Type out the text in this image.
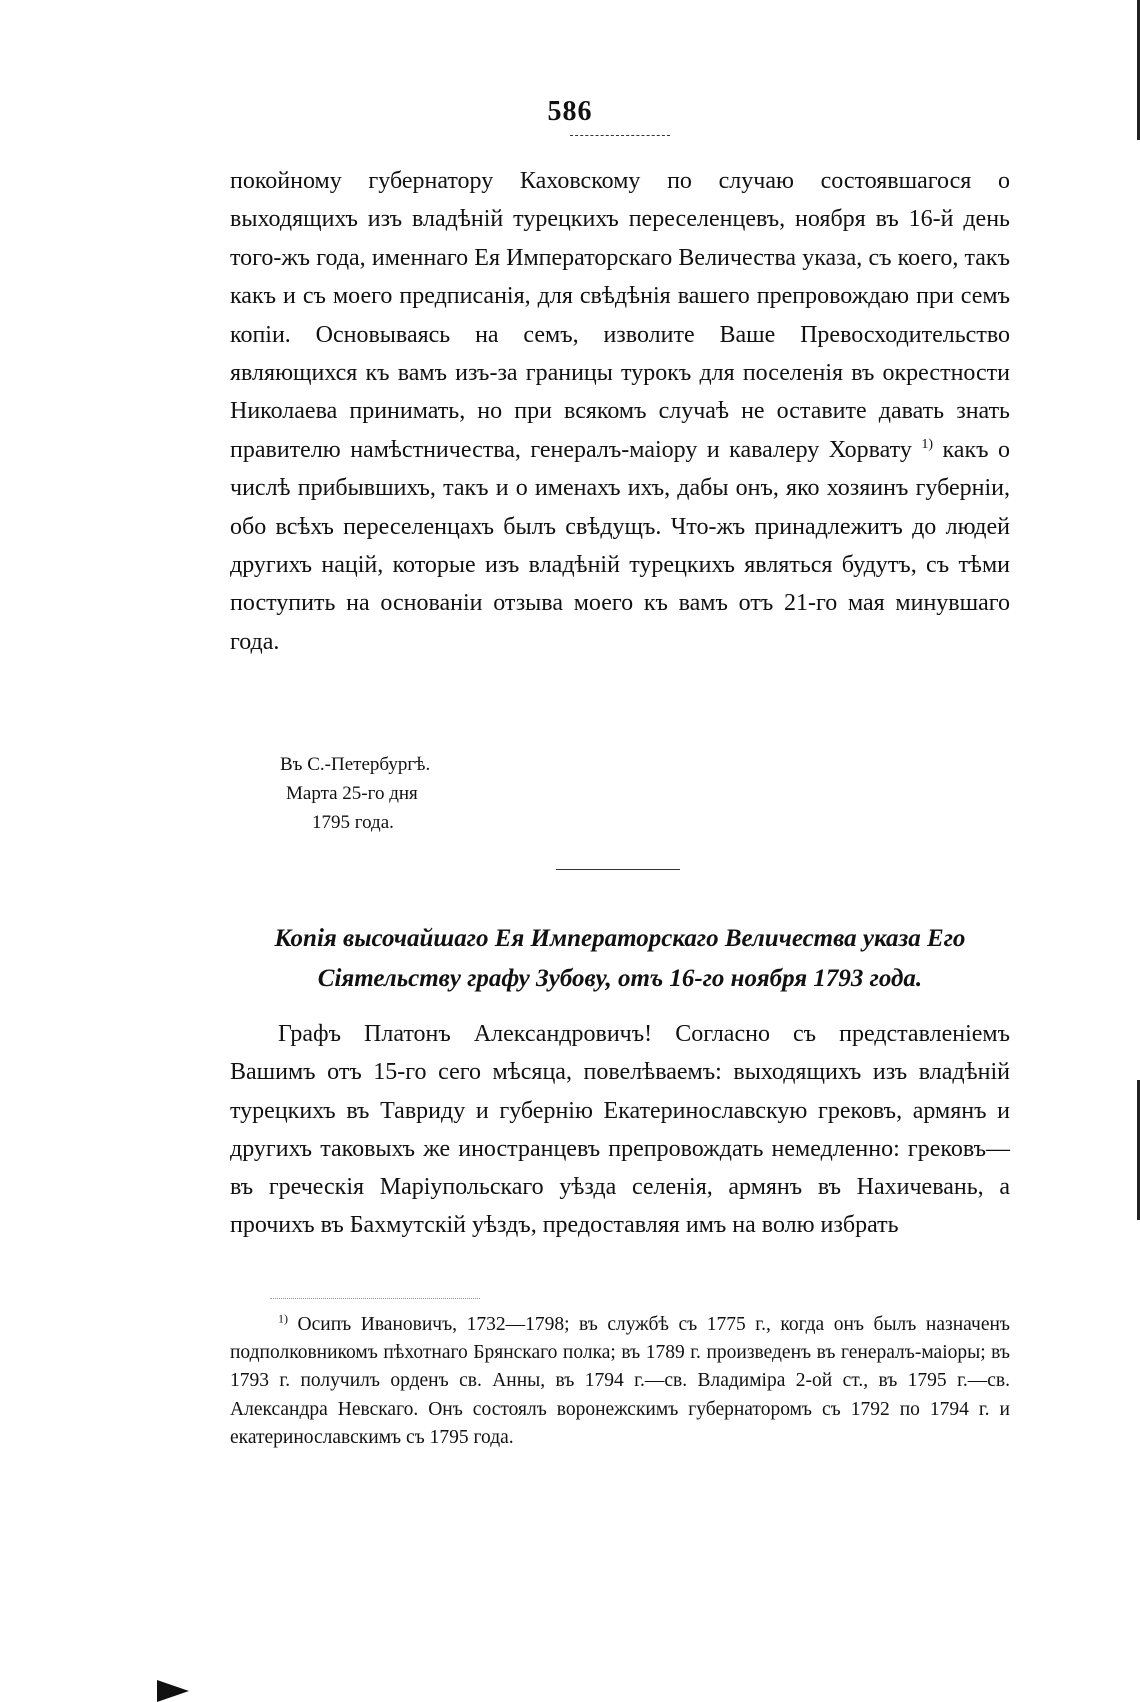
586
покойному губернатору Каховскому по случаю состоявшагося о выходящихъ изъ владѣній турецкихъ переселенцевъ, ноября въ 16-й день того-жъ года, именнаго Ея Императорскаго Величества указа, съ коего, такъ какъ и съ моего предписанія, для свѣдѣнія вашего препровождаю при семъ копіи. Основываясь на семъ, изволите Ваше Превосходительство являющихся къ вамъ изъ-за границы турокъ для поселенія въ окрестности Николаева принимать, но при всякомъ случаѣ не оставите давать знать правителю намѣстничества, генералъ-маіору и кавалеру Хорвату $^{1)}$ какъ о числѣ прибывшихъ, такъ и о именахъ ихъ, дабы онъ, яко хозяинъ губерніи, обо всѣхъ переселенцахъ былъ свѣдущъ. Что-жъ принадлежитъ до людей другихъ націй, которые изъ владѣній турецкихъ являться будутъ, съ тѣми поступить на основаніи отзыва моего къ вамъ отъ 21-го мая минувшаго года.
Въ С.-Петербургѣ.
Марта 25-го дня
1795 года.
Копія высочайшаго Ея Императорскаго Величества указа Его Сіятельству графу Зубову, отъ 16-го ноября 1793 года.
Графъ Платонъ Александровичъ! Согласно съ представленіемъ Вашимъ отъ 15-го сего мѣсяца, повелѣваемъ: выходящихъ изъ владѣній турецкихъ въ Тавриду и губернію Екатеринославскую грековъ, армянъ и другихъ таковыхъ же иностранцевъ препровождать немедленно: грековъ—въ греческія Маріупольскаго уѣзда селенія, армянъ въ Нахичевань, а прочихъ въ Бахмутскій уѣздъ, предоставляя имъ на волю избрать
$^{1)}$ Осипъ Ивановичъ, 1732—1798; въ службѣ съ 1775 г., когда онъ былъ назначенъ подполковникомъ пѣхотнаго Брянскаго полка; въ 1789 г. произведенъ въ генералъ-маіоры; въ 1793 г. получилъ орденъ св. Анны, въ 1794 г.—св. Владиміра 2-ой ст., въ 1795 г.—св. Александра Невскаго. Онъ состоялъ воронежскимъ губернаторомъ съ 1792 по 1794 г. и екатеринославскимъ съ 1795 года.
